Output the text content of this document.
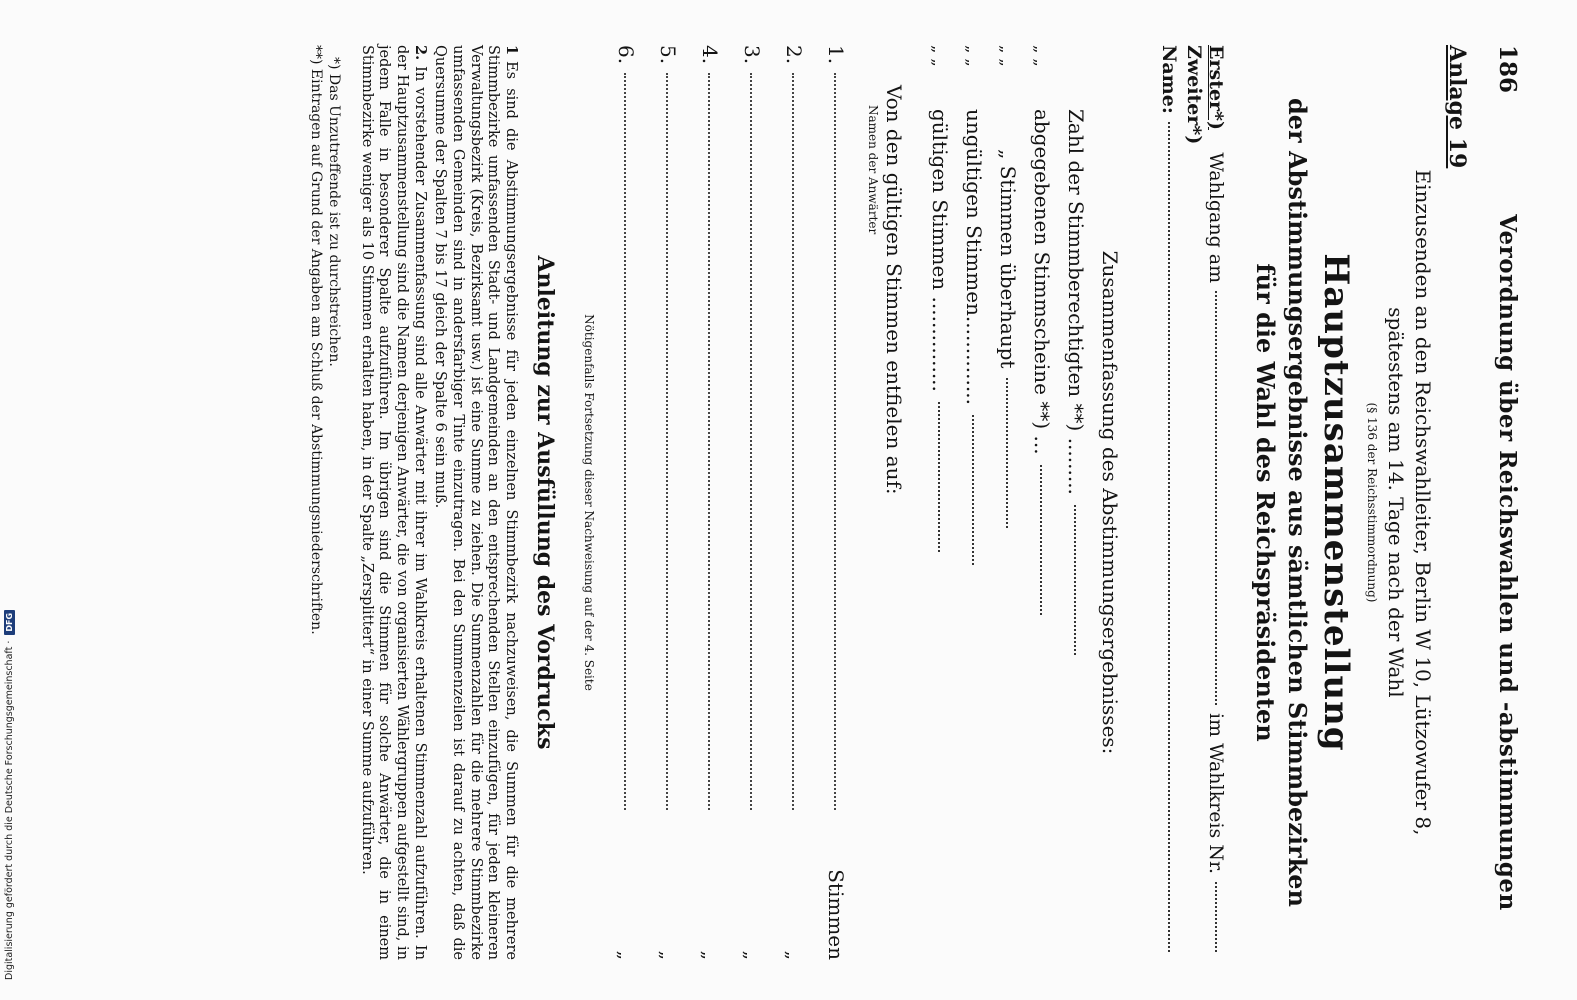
186
Verordnung über Reichswahlen und -abstimmungen
Anlage 19
Einzusenden an den Reichswahlleiter, Berlin W 10, Lützowufer 8,
spätestens am 14. Tage nach der Wahl
(§ 136 der Reichsstimmordnung)
Hauptzusammenstellung
der Abstimmungsergebnisse aus sämtlichen Stimmbezirken
für die Wahl des Reichspräsidenten
Erster*)
Zweiter*)
Wahlgang am
im Wahlkreis Nr.
Name:
Zusammenfassung des Abstimmungsergebnisses:
Zahl der Stimmberechtigten **) .........
„ „
abgegebenen Stimmscheine **) ...
„ „
„ Stimmen überhaupt
„ „
ungültigen Stimmen..............
„ „
gültigen Stimmen ...............
Von den gültigen Stimmen entfielen auf:
Namen der Anwärter
1.
Stimmen
2.
„
3.
„
4.
„
5.
„
6.
„
Nötigenfalls Fortsetzung dieser Nachweisung auf der 4. Seite
Anleitung zur Ausfüllung des Vordrucks

1Es sind die Abstimmungsergebnisse für jeden einzelnen Stimmbezirk nachzuweisen, die Summen für die mehrere Stimmbezirke umfassenden Stadt- und Landgemeinden an den entsprechenden Stellen einzufügen, für jeden kleineren Verwaltungsbezirk (Kreis, Bezirksamt usw.) ist eine Summe zu ziehen. Die Summenzahlen für die mehrere Stimmbezirke umfassenden Gemeinden sind in andersfarbiger Tinte einzutragen. Bei den Summenzeilen ist darauf zu achten, daß die Quersumme der Spalten 7 bis 17 gleich der Spalte 6 sein muß.

2.In vorstehender Zusammenfassung sind alle Anwärter mit ihrer im Wahlkreis erhaltenen Stimmenzahl aufzuführen. In der Hauptzusammenstellung sind die Namen derjenigen Anwärter, die von organisierten Wählergruppen aufgestellt sind, in jedem Falle in besonderer Spalte aufzuführen. Im übrigen sind die Stimmen für solche Anwärter, die in einem Stimmbezirke weniger als 10 Stimmen erhalten haben, in der Spalte „Zersplittert“ in einer Summe aufzuführen.

*) Das Unzutreffende ist zu durchstreichen.
**) Eintragen auf Grund der Angaben am Schluß der Abstimmungsniederschriften.
Digitalisierung gefördert durch die Deutsche Forschungsgemeinschaft ·
DFG
